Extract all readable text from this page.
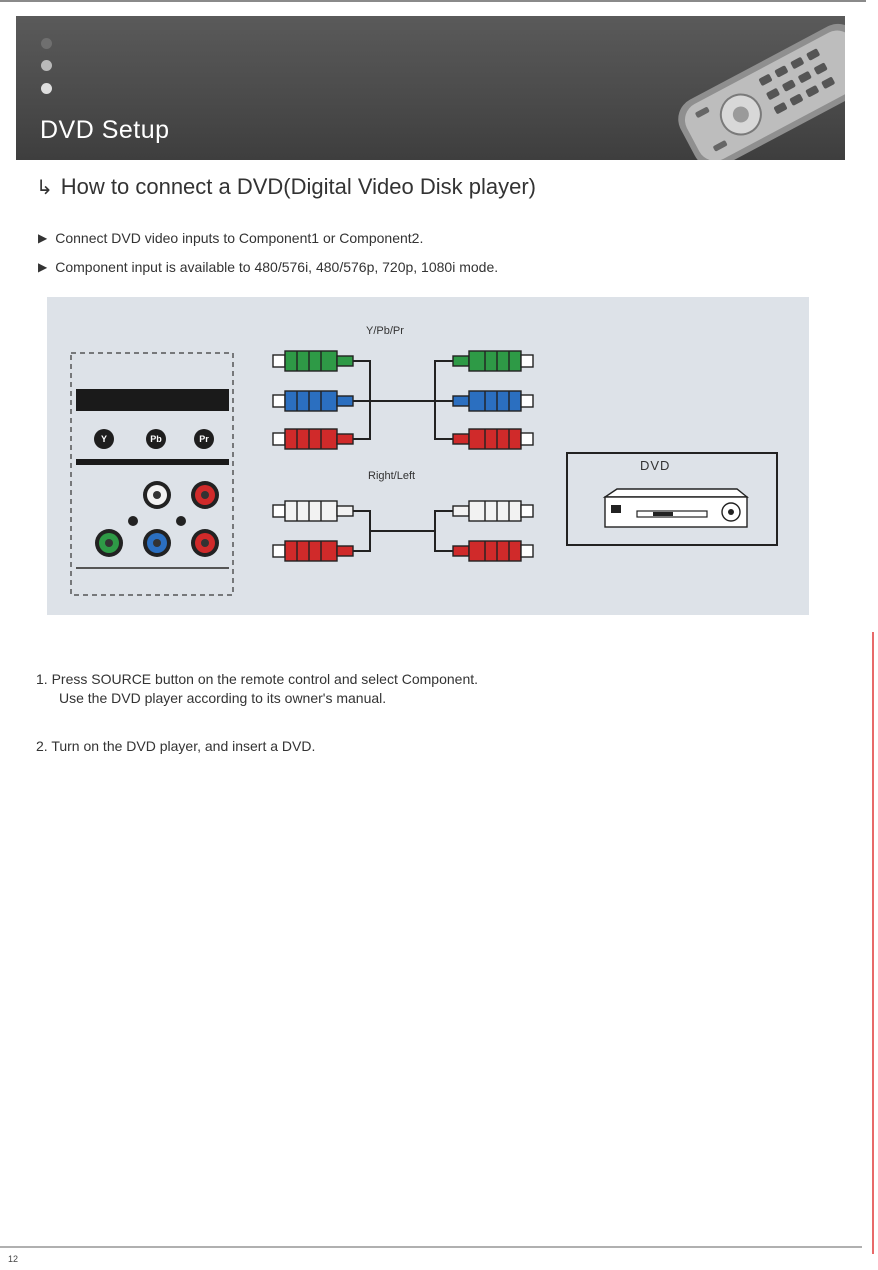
DVD Setup
↳ How to connect a DVD(Digital Video Disk player)
▶ Connect DVD video inputs to Component1 or Component2.
▶ Component input is available to 480/576i, 480/576p, 720p, 1080i mode.
Y	Pb	Pr
Y/Pb/Pr
Right/Left
DVD
1. Press SOURCE button on the remote control and select Component.
Use the DVD player according to its owner's manual.
2. Turn on the DVD player, and insert a DVD.
12
